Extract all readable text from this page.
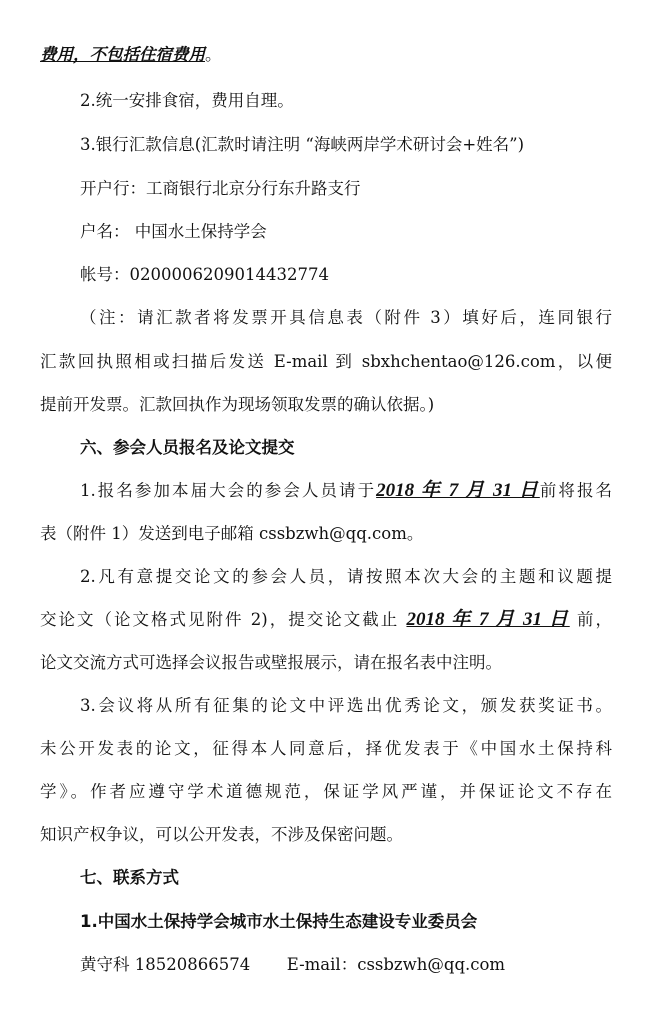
费用，不包括住宿费用。
2.统一安排食宿，费用自理。
3.银行汇款信息(汇款时请注明 “海峡两岸学术研讨会+姓名”)
开户行：工商银行北京分行东升路支行
户名： 中国水土保持学会
帐号：0200006209014432774
（注：请汇款者将发票开具信息表（附件 3）填好后，连同银行
汇款回执照相或扫描后发送 E-mail 到 sbxhchentao@126.com，以便
提前开发票。汇款回执作为现场领取发票的确认依据。)
六、参会人员报名及论文提交
1.报名参加本届大会的参会人员请于2018 年 7 月 31 日前将报名
表（附件 1）发送到电子邮箱 cssbzwh@qq.com。
2.凡有意提交论文的参会人员，请按照本次大会的主题和议题提
交论文（论文格式见附件 2)，提交论文截止 2018 年 7 月 31 日 前，
论文交流方式可选择会议报告或壁报展示，请在报名表中注明。
3.会议将从所有征集的论文中评选出优秀论文，颁发获奖证书。
未公开发表的论文，征得本人同意后，择优发表于《中国水土保持科
学》。作者应遵守学术道德规范，保证学风严谨，并保证论文不存在
知识产权争议，可以公开发表，不涉及保密问题。
七、联系方式
1.中国水土保持学会城市水土保持生态建设专业委员会
黄守科 18520866574 E-mail：cssbzwh@qq.com
